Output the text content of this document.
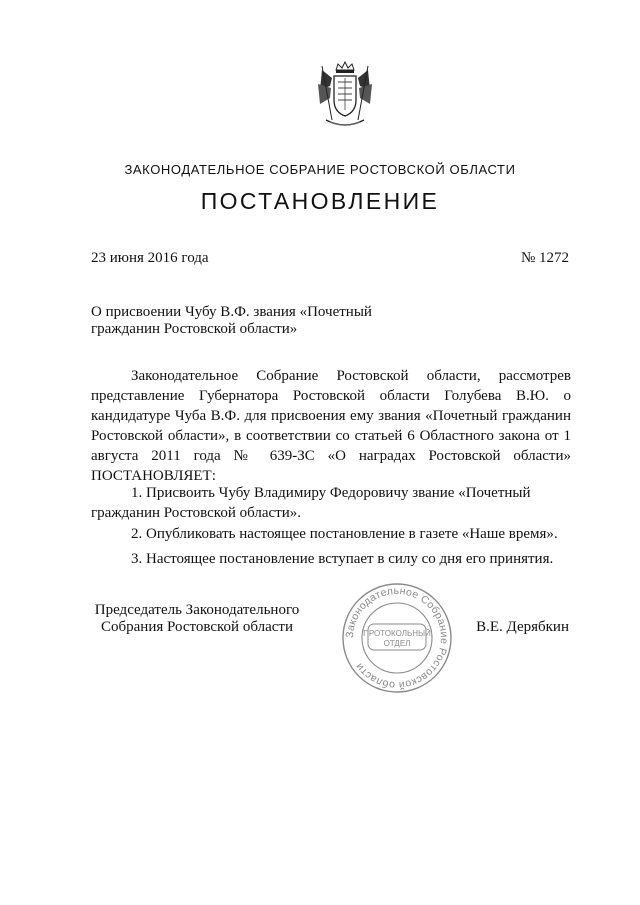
ЗАКОНОДАТЕЛЬНОЕ СОБРАНИЕ РОСТОВСКОЙ ОБЛАСТИ
ПОСТАНОВЛЕНИЕ
23 июня 2016 года	№ 1272
О присвоении Чубу В.Ф. звания «Почетный гражданин Ростовской области»
Законодательное Собрание Ростовской области, рассмотрев представление Губернатора Ростовской области Голубева В.Ю. о кандидатуре Чуба В.Ф. для присвоения ему звания «Почетный гражданин Ростовской области», в соответствии со статьей 6 Областного закона от 1 августа 2011 года № 639-ЗС «О наградах Ростовской области» ПОСТАНОВЛЯЕТ:
1. Присвоить Чубу Владимиру Федоровичу звание «Почетный гражданин Ростовской области».
2. Опубликовать настоящее постановление в газете «Наше время».
3. Настоящее постановление вступает в силу со дня его принятия.
Председатель Законодательного Собрания Ростовской области	В.Е. Дерябкин
Законодательное Собрание Ростовской области
ПРОТОКОЛЬНЫЙ
ОТДЕЛ
